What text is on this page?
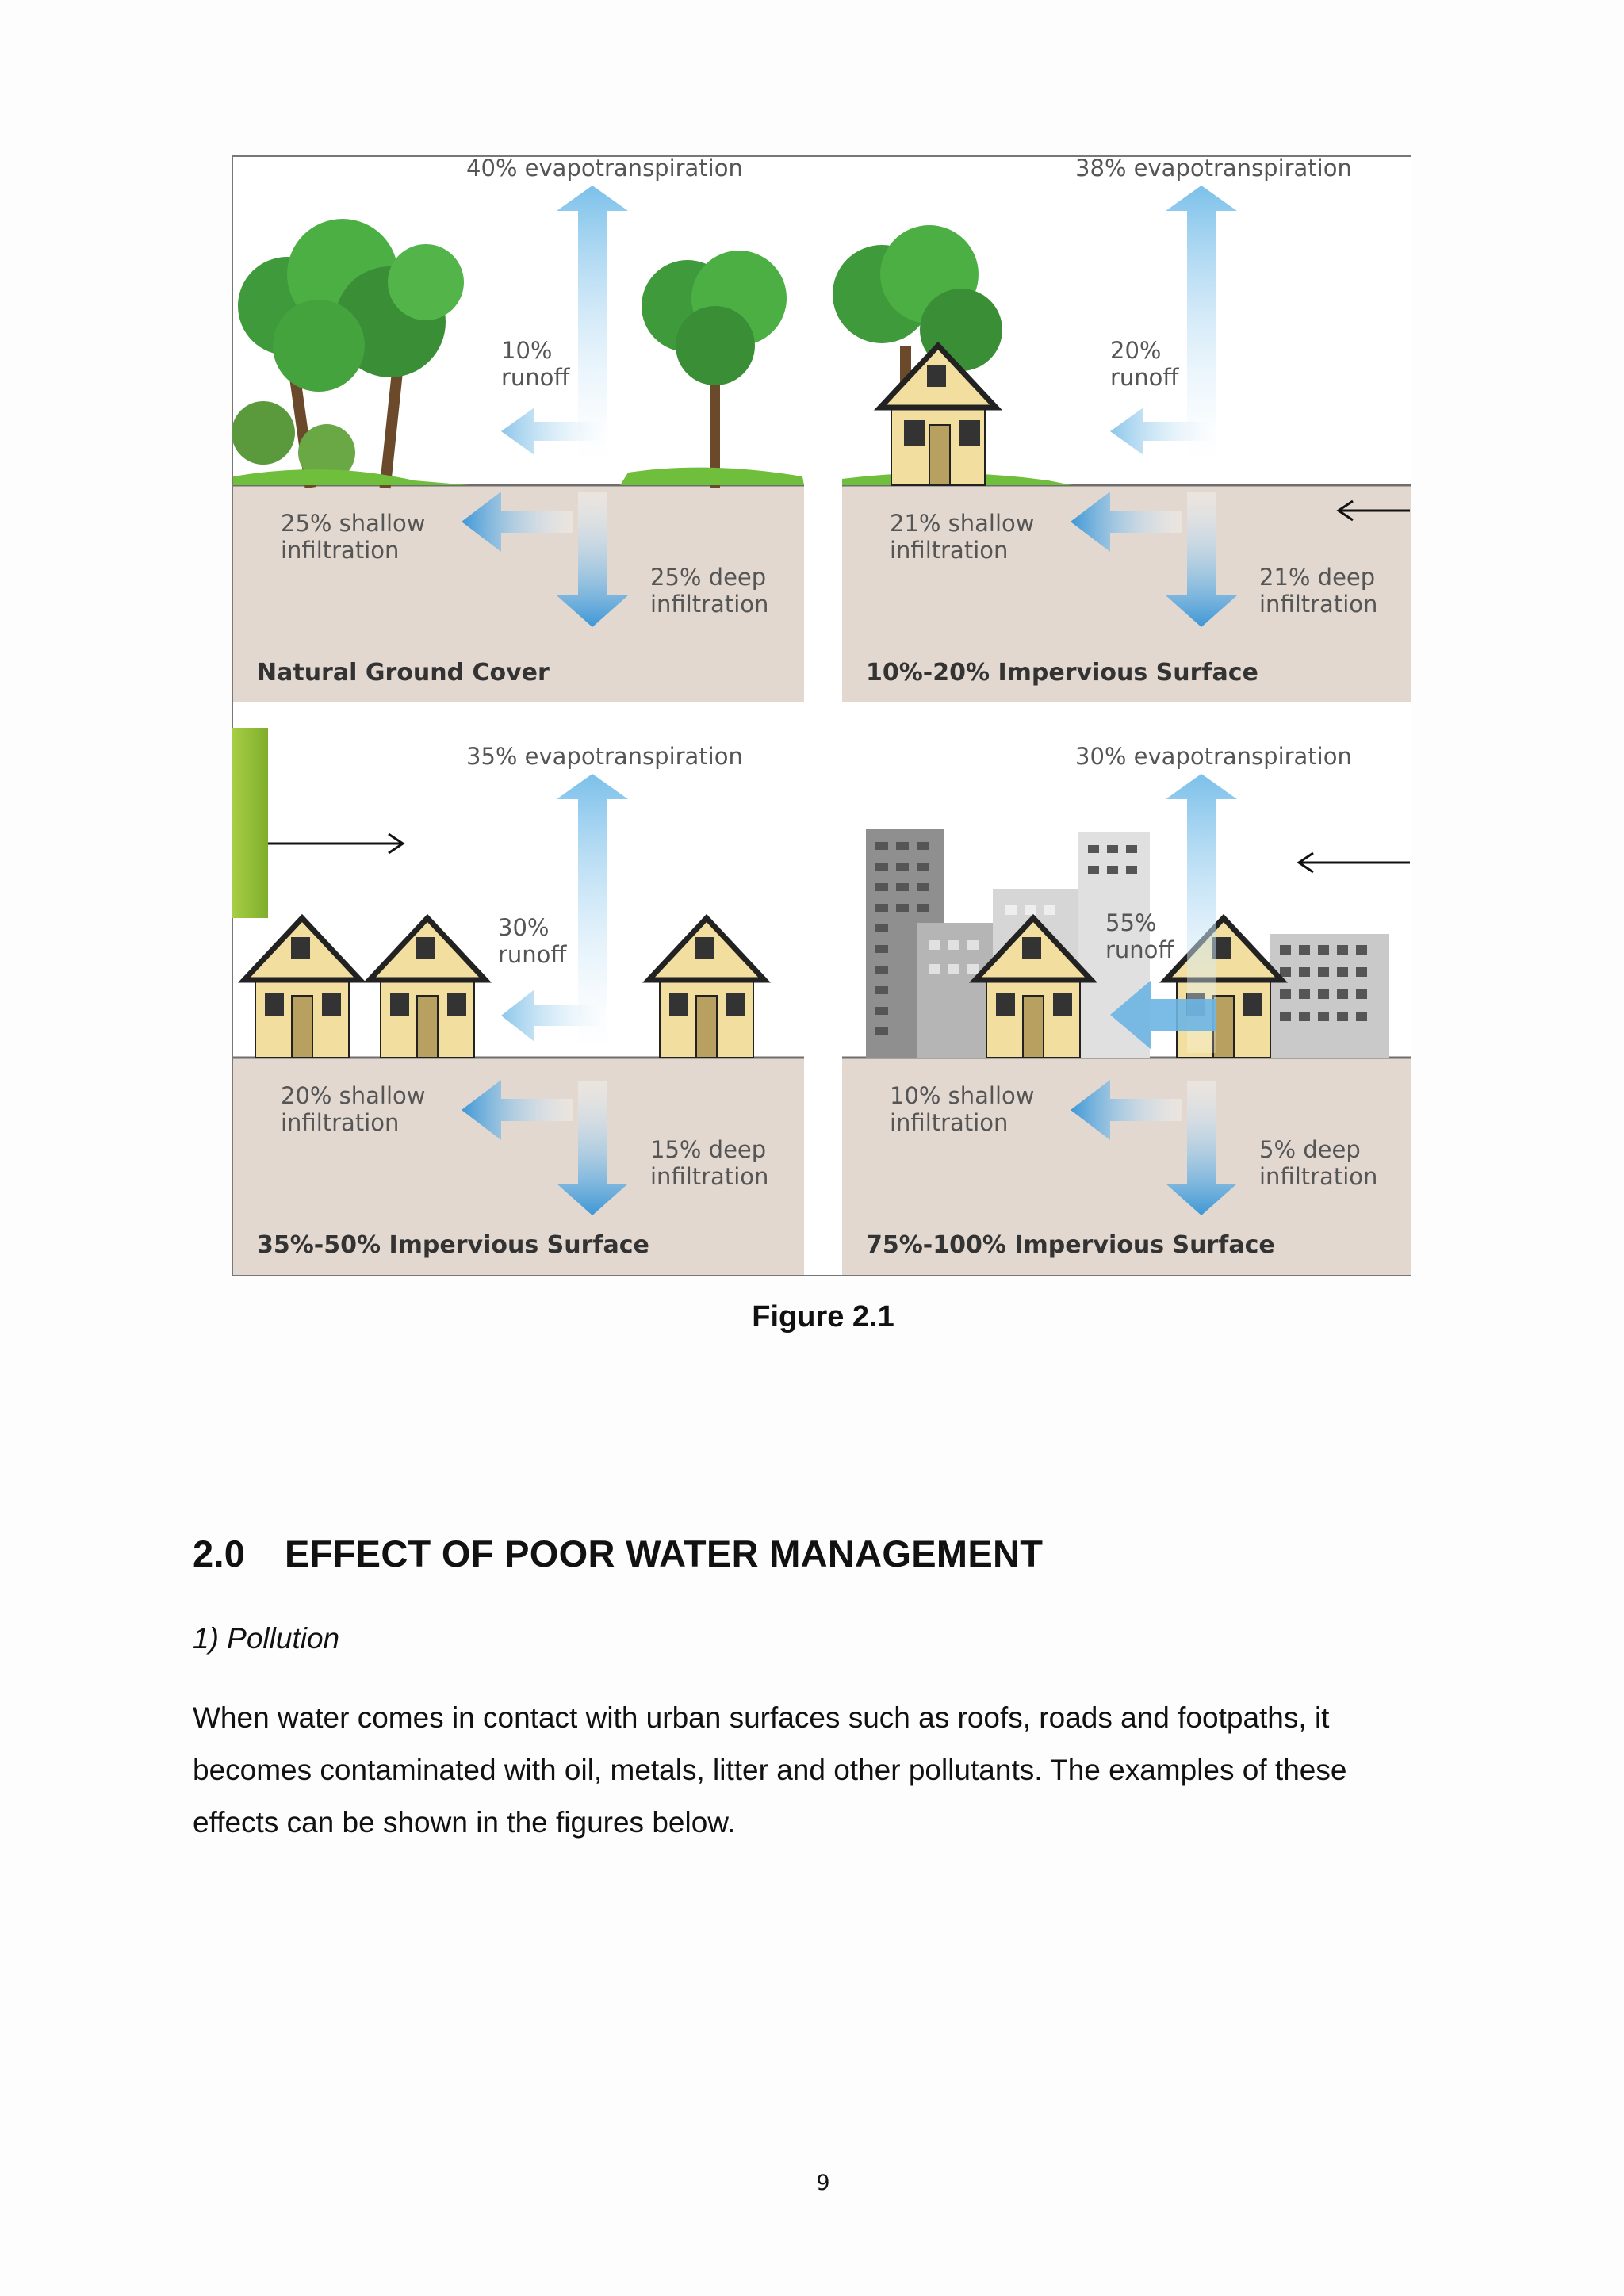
40% evapotranspiration
10%
runoff
25% shallow
infiltration
25% deep
infiltration
Natural Ground Cover
38% evapotranspiration
20%
runoff
21% shallow
infiltration
21% deep
infiltration
10%-20% Impervious Surface
35% evapotranspiration
30%
runoff
20% shallow
infiltration
15% deep
infiltration
35%-50% Impervious Surface
30% evapotranspiration
55%
runoff
10% shallow
infiltration
5% deep
infiltration
75%-100% Impervious Surface
Figure 2.1
2.0 EFFECT OF POOR WATER MANAGEMENT
1) Pollution
When water comes in contact with urban surfaces such as roofs, roads and footpaths, it becomes contaminated with oil, metals, litter and other pollutants. The examples of these effects can be shown in the figures below.
9
